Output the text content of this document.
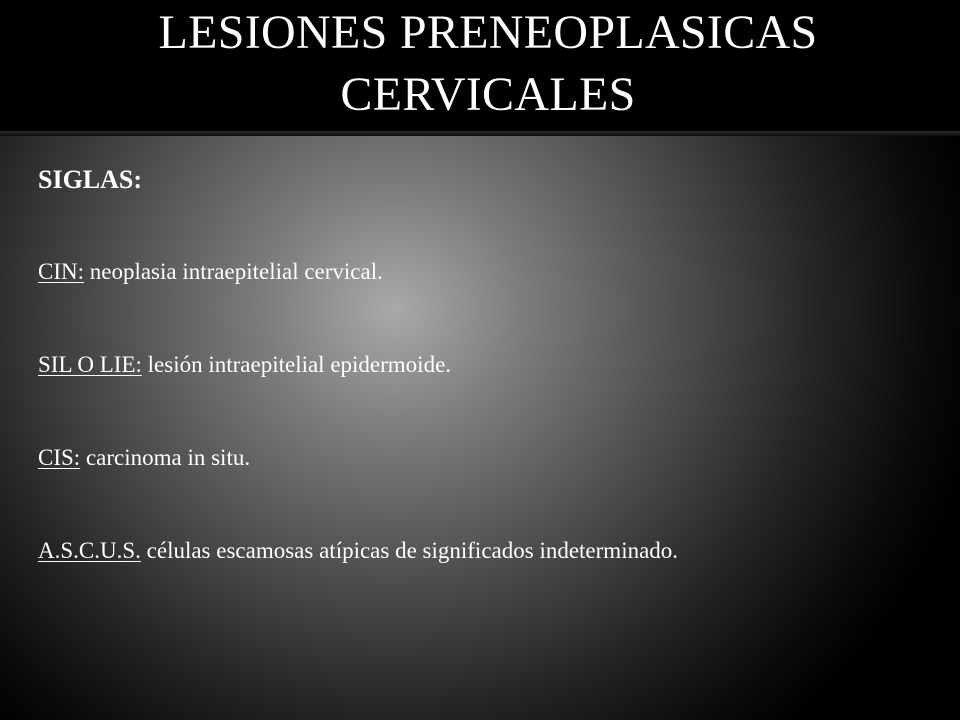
LESIONES PRENEOPLASICAS
CERVICALES

SIGLAS:

CIN: neoplasia intraepitelial cervical.

SIL O LIE: lesión intraepitelial epidermoide.

CIS: carcinoma in situ.

A.S.C.U.S. células escamosas atípicas de significados indeterminado.
